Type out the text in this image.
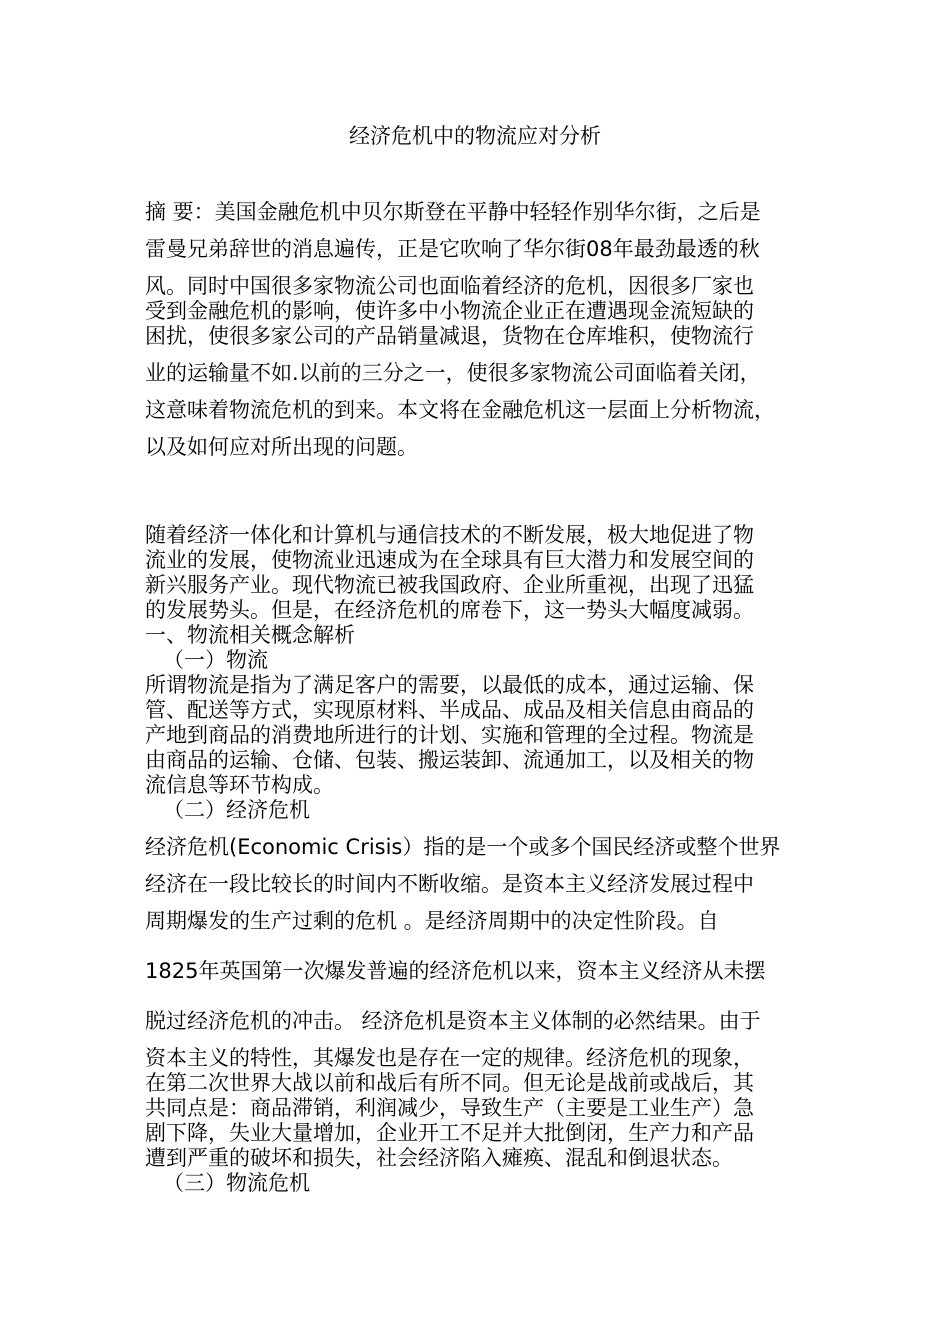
经济危机中的物流应对分析

摘 要：美国金融危机中贝尔斯登在平静中轻轻作别华尔街，之后是

雷曼兄弟辞世的消息遍传，正是它吹响了华尔街08年最劲最透的秋

风。同时中国很多家物流公司也面临着经济的危机，因很多厂家也

受到金融危机的影响，使许多中小物流企业正在遭遇现金流短缺的

困扰，使很多家公司的产品销量减退，货物在仓库堆积，使物流行

业的运输量不如.以前的三分之一，使很多家物流公司面临着关闭，

这意味着物流危机的到来。本文将在金融危机这一层面上分析物流，

以及如何应对所出现的问题。

随着经济一体化和计算机与通信技术的不断发展，极大地促进了物

流业的发展，使物流业迅速成为在全球具有巨大潜力和发展空间的

新兴服务产业。现代物流已被我国政府、企业所重视，出现了迅猛

的发展势头。但是，在经济危机的席卷下，这一势头大幅度减弱。

一、物流相关概念解析

（一）物流

所谓物流是指为了满足客户的需要，以最低的成本，通过运输、保

管、配送等方式，实现原材料、半成品、成品及相关信息由商品的

产地到商品的消费地所进行的计划、实施和管理的全过程。物流是

由商品的运输、仓储、包装、搬运装卸、流通加工，以及相关的物

流信息等环节构成。

（二）经济危机

经济危机(Economic Crisis）指的是一个或多个国民经济或整个世界

经济在一段比较长的时间内不断收缩。是资本主义经济发展过程中

周期爆发的生产过剩的危机 。是经济周期中的决定性阶段。自

1825年英国第一次爆发普遍的经济危机以来，资本主义经济从未摆

脱过经济危机的冲击。 经济危机是资本主义体制的必然结果。由于

资本主义的特性，其爆发也是存在一定的规律。经济危机的现象，

在第二次世界大战以前和战后有所不同。但无论是战前或战后，其

共同点是：商品滞销，利润减少，导致生产（主要是工业生产）急

剧下降，失业大量增加，企业开工不足并大批倒闭，生产力和产品

遭到严重的破坏和损失，社会经济陷入瘫痪、混乱和倒退状态。

（三）物流危机
